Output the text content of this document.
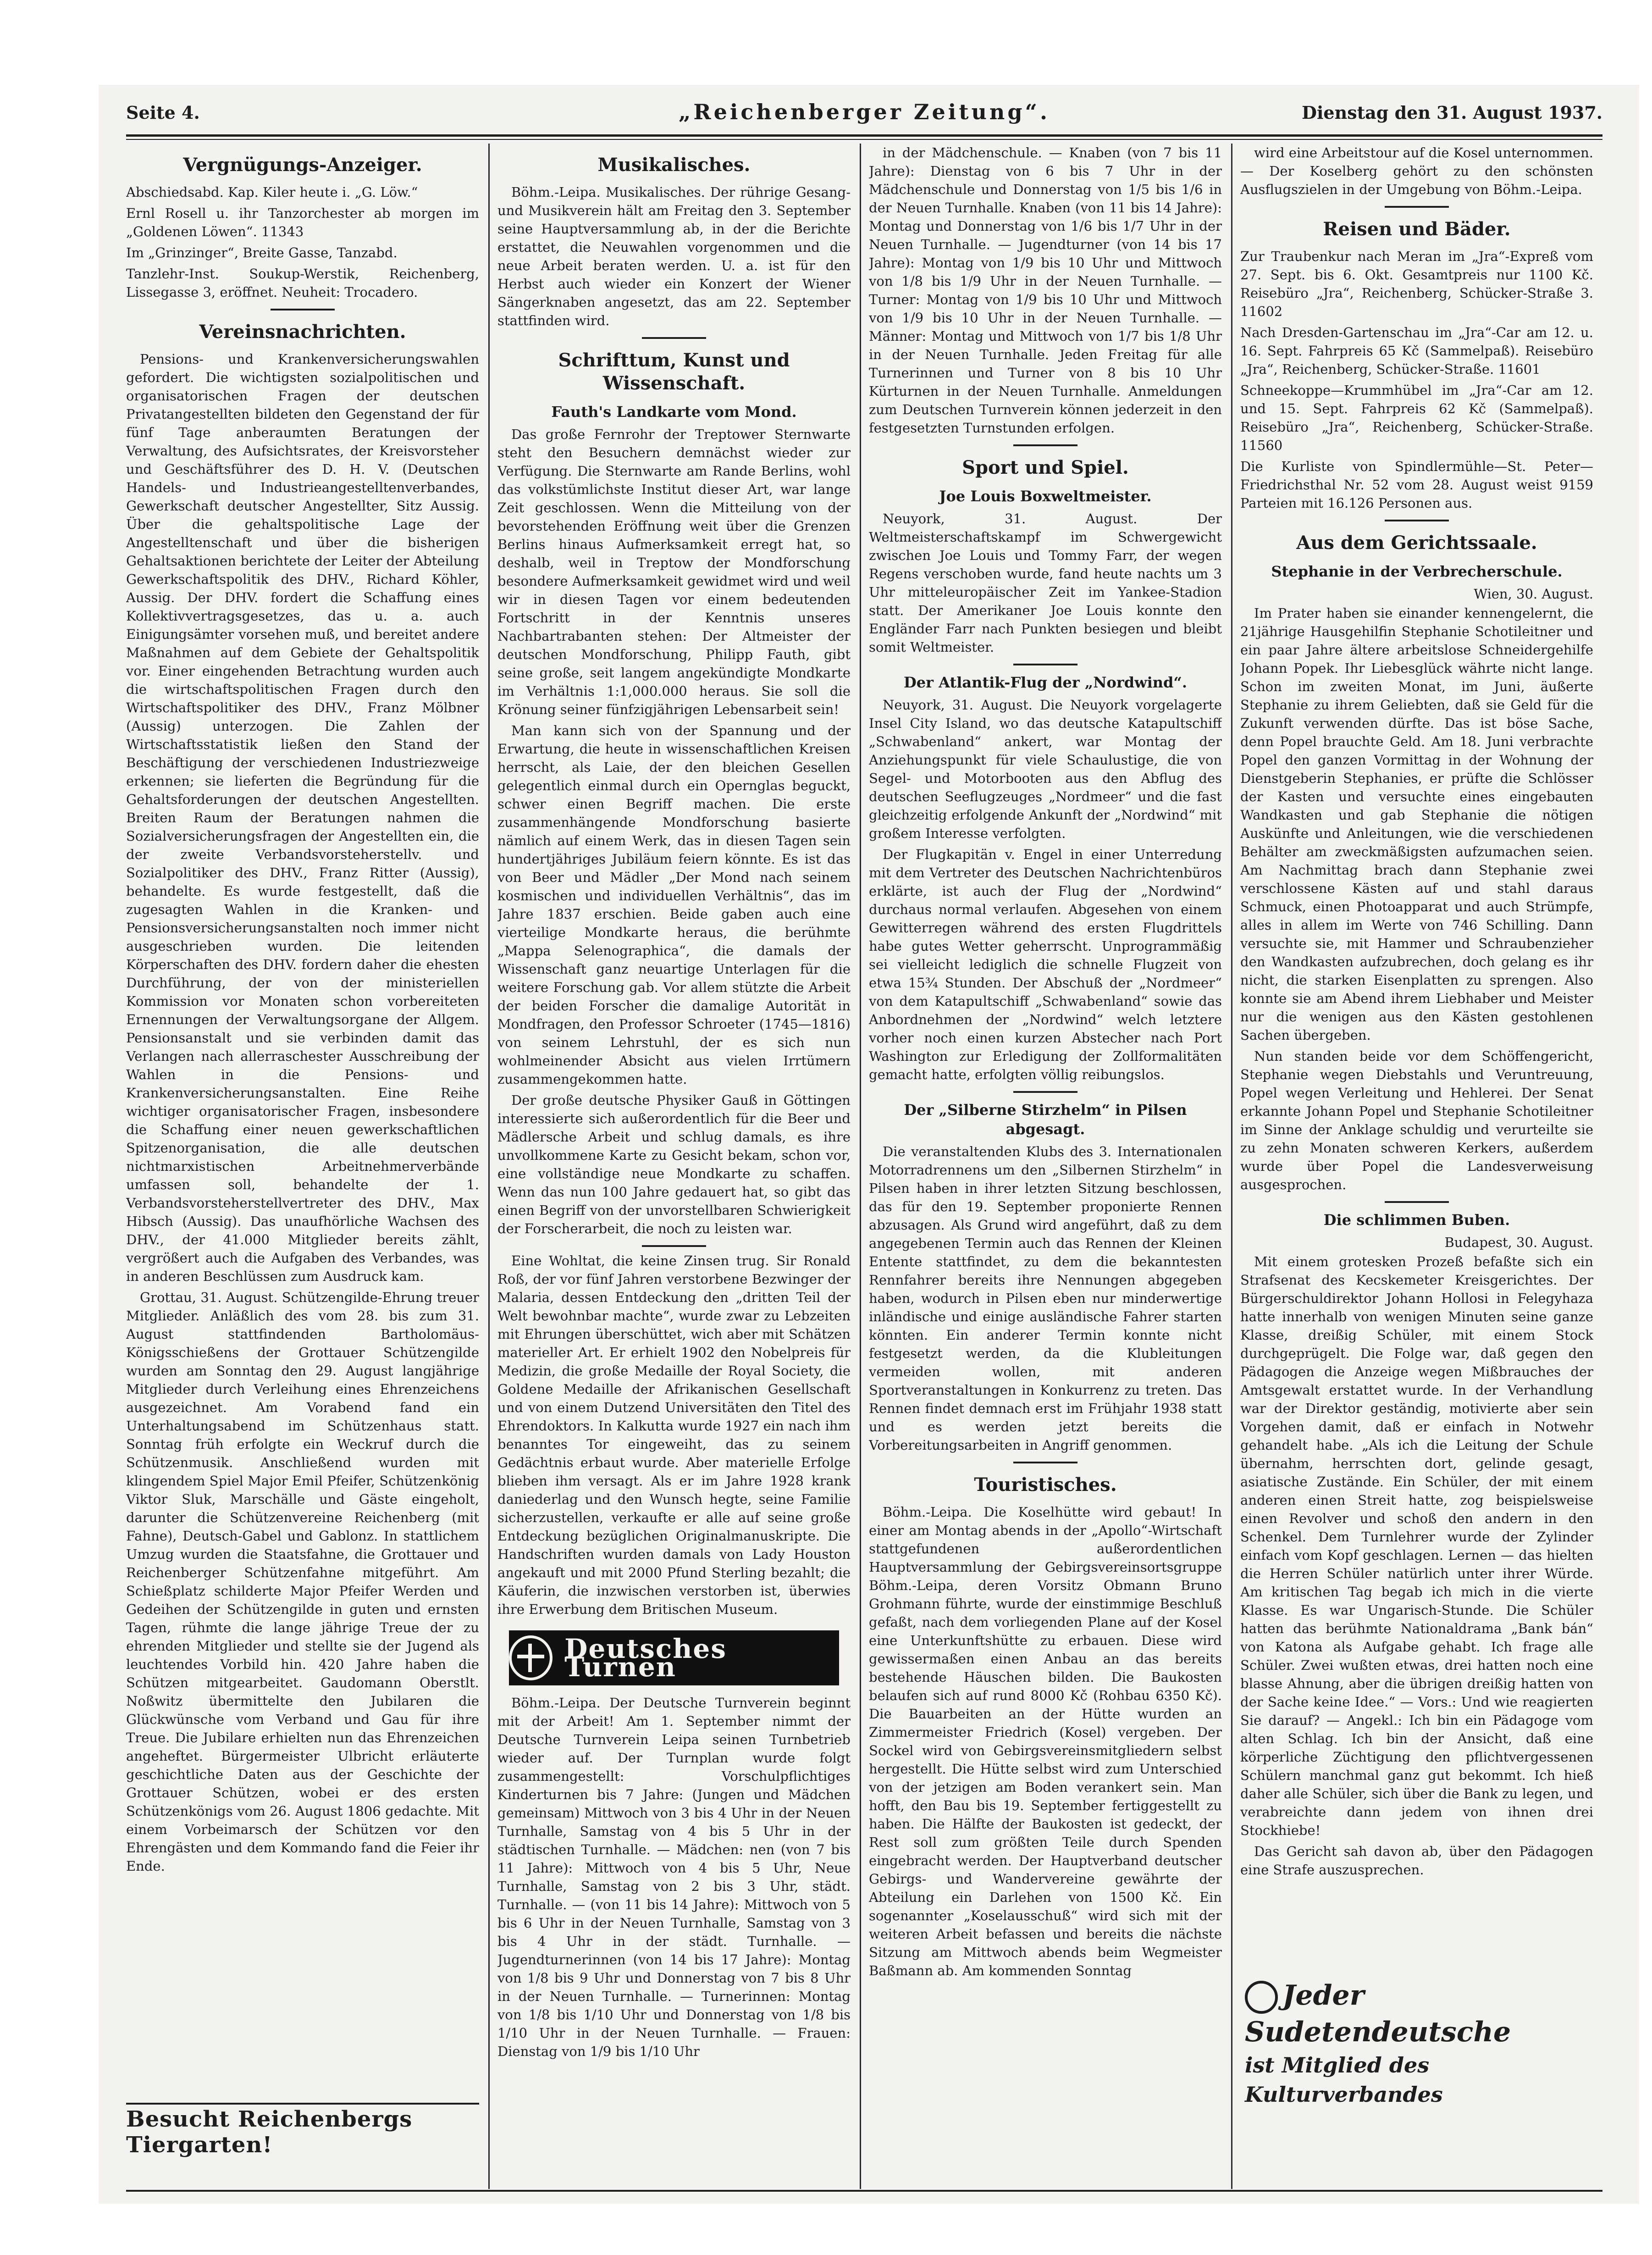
Seite 4.	„Reichenberger Zeitung“.	Dienstag den 31. August 1937.
Vergnügungs-Anzeiger.

Abschiedsabd. Kap. Kiler heute i. „G. Löw.“

Ernl Rosell u. ihr Tanzorchester ab morgen im „Goldenen Löwen“. 11343

Im „Grinzinger“, Breite Gasse, Tanzabd.

Tanzlehr-Inst. Soukup-Werstik, Reichenberg, Lissegasse 3, eröffnet. Neuheit: Trocadero.

Vereinsnachrichten.

Pensions- und Krankenversicherungswahlen gefordert. Die wichtigsten sozialpolitischen und organisatorischen Fragen der deutschen Privatangestellten bildeten den Gegenstand der für fünf Tage anberaumten Beratungen der Verwaltung, des Aufsichtsrates, der Kreisvorsteher und Geschäftsführer des D. H. V. (Deutschen Handels- und Industrieangestelltenverbandes, Gewerkschaft deutscher Angestellter, Sitz Aussig. Über die gehaltspolitische Lage der Angestelltenschaft und über die bisherigen Gehaltsaktionen berichtete der Leiter der Abteilung Gewerkschaftspolitik des DHV., Richard Köhler, Aussig. Der DHV. fordert die Schaffung eines Kollektivvertragsgesetzes, das u. a. auch Einigungsämter vorsehen muß, und bereitet andere Maßnahmen auf dem Gebiete der Gehaltspolitik vor. Einer eingehenden Betrachtung wurden auch die wirtschaftspolitischen Fragen durch den Wirtschaftspolitiker des DHV., Franz Mölbner (Aussig) unterzogen. Die Zahlen der Wirtschaftsstatistik ließen den Stand der Beschäftigung der verschiedenen Industriezweige erkennen; sie lieferten die Begründung für die Gehaltsforderungen der deutschen Angestellten. Breiten Raum der Beratungen nahmen die Sozialversicherungsfragen der Angestellten ein, die der zweite Verbandsvorsteherstellv. und Sozialpolitiker des DHV., Franz Ritter (Aussig), behandelte. Es wurde festgestellt, daß die zugesagten Wahlen in die Kranken- und Pensionsversicherungsanstalten noch immer nicht ausgeschrieben wurden. Die leitenden Körperschaften des DHV. fordern daher die ehesten Durchführung, der von der ministeriellen Kommission vor Monaten schon vorbereiteten Ernennungen der Verwaltungsorgane der Allgem. Pensionsanstalt und sie verbinden damit das Verlangen nach allerraschester Ausschreibung der Wahlen in die Pensions- und Krankenversicherungsanstalten. Eine Reihe wichtiger organisatorischer Fragen, insbesondere die Schaffung einer neuen gewerkschaftlichen Spitzenorganisation, die alle deutschen nichtmarxistischen Arbeitnehmerverbände umfassen soll, behandelte der 1. Verbandsvorsteherstellvertreter des DHV., Max Hibsch (Aussig). Das unaufhörliche Wachsen des DHV., der 41.000 Mitglieder bereits zählt, vergrößert auch die Aufgaben des Verbandes, was in anderen Beschlüssen zum Ausdruck kam.

Grottau, 31. August. Schützengilde-Ehrung treuer Mitglieder. Anläßlich des vom 28. bis zum 31. August stattfindenden Bartholomäus-Königsschießens der Grottauer Schützengilde wurden am Sonntag den 29. August langjährige Mitglieder durch Verleihung eines Ehrenzeichens ausgezeichnet. Am Vorabend fand ein Unterhaltungsabend im Schützenhaus statt. Sonntag früh erfolgte ein Weckruf durch die Schützenmusik. Anschließend wurden mit klingendem Spiel Major Emil Pfeifer, Schützenkönig Viktor Sluk, Marschälle und Gäste eingeholt, darunter die Schützenvereine Reichenberg (mit Fahne), Deutsch-Gabel und Gablonz. In stattlichem Umzug wurden die Staatsfahne, die Grottauer und Reichenberger Schützenfahne mitgeführt. Am Schießplatz schilderte Major Pfeifer Werden und Gedeihen der Schützengilde in guten und ernsten Tagen, rühmte die lange jährige Treue der zu ehrenden Mitglieder und stellte sie der Jugend als leuchtendes Vorbild hin. 420 Jahre haben die Schützen mitgearbeitet. Gaudomann Oberstlt. Noßwitz übermittelte den Jubilaren die Glückwünsche vom Verband und Gau für ihre Treue. Die Jubilare erhielten nun das Ehrenzeichen angeheftet. Bürgermeister Ulbricht erläuterte geschichtliche Daten aus der Geschichte der Grottauer Schützen, wobei er des ersten Schützenkönigs vom 26. August 1806 gedachte. Mit einem Vorbeimarsch der Schützen vor den Ehrengästen und dem Kommando fand die Feier ihr Ende.

Musikalisches.

Böhm.-Leipa. Musikalisches. Der rührige Gesang- und Musikverein hält am Freitag den 3. September seine Hauptversammlung ab, in der die Berichte erstattet, die Neuwahlen vorgenommen und die neue Arbeit beraten werden. U. a. ist für den Herbst auch wieder ein Konzert der Wiener Sängerknaben angesetzt, das am 22. September stattfinden wird.

Schrifttum, Kunst und Wissenschaft.
Fauth's Landkarte vom Mond.

Das große Fernrohr der Treptower Sternwarte steht den Besuchern demnächst wieder zur Verfügung. Die Sternwarte am Rande Berlins, wohl das volkstümlichste Institut dieser Art, war lange Zeit geschlossen. Wenn die Mitteilung von der bevorstehenden Eröffnung weit über die Grenzen Berlins hinaus Aufmerksamkeit erregt hat, so deshalb, weil in Treptow der Mondforschung besondere Aufmerksamkeit gewidmet wird und weil wir in diesen Tagen vor einem bedeutenden Fortschritt in der Kenntnis unseres Nachbartrabanten stehen: Der Altmeister der deutschen Mondforschung, Philipp Fauth, gibt seine große, seit langem angekündigte Mondkarte im Verhältnis 1:1,000.000 heraus. Sie soll die Krönung seiner fünfzigjährigen Lebensarbeit sein!

Man kann sich von der Spannung und der Erwartung, die heute in wissenschaftlichen Kreisen herrscht, als Laie, der den bleichen Gesellen gelegentlich einmal durch ein Opernglas beguckt, schwer einen Begriff machen. Die erste zusammenhängende Mondforschung basierte nämlich auf einem Werk, das in diesen Tagen sein hundertjähriges Jubiläum feiern könnte. Es ist das von Beer und Mädler „Der Mond nach seinem kosmischen und individuellen Verhältnis“, das im Jahre 1837 erschien. Beide gaben auch eine vierteilige Mondkarte heraus, die berühmte „Mappa Selenographica“, die damals der Wissenschaft ganz neuartige Unterlagen für die weitere Forschung gab. Vor allem stützte die Arbeit der beiden Forscher die damalige Autorität in Mondfragen, den Professor Schroeter (1745—1816) von seinem Lehrstuhl, der es sich nun wohlmeinender Absicht aus vielen Irrtümern zusammengekommen hatte.

Der große deutsche Physiker Gauß in Göttingen interessierte sich außerordentlich für die Beer und Mädlersche Arbeit und schlug damals, es ihre unvollkommene Karte zu Gesicht bekam, schon vor, eine vollständige neue Mondkarte zu schaffen. Wenn das nun 100 Jahre gedauert hat, so gibt das einen Begriff von der unvorstellbaren Schwierigkeit der Forscherarbeit, die noch zu leisten war.

Eine Wohltat, die keine Zinsen trug. Sir Ronald Roß, der vor fünf Jahren verstorbene Bezwinger der Malaria, dessen Entdeckung den „dritten Teil der Welt bewohnbar machte“, wurde zwar zu Lebzeiten mit Ehrungen überschüttet, wich aber mit Schätzen materieller Art. Er erhielt 1902 den Nobelpreis für Medizin, die große Medaille der Royal Society, die Goldene Medaille der Afrikanischen Gesellschaft und von einem Dutzend Universitäten den Titel des Ehrendoktors. In Kalkutta wurde 1927 ein nach ihm benanntes Tor eingeweiht, das zu seinem Gedächtnis erbaut wurde. Aber materielle Erfolge blieben ihm versagt. Als er im Jahre 1928 krank daniederlag und den Wunsch hegte, seine Familie sicherzustellen, verkaufte er alle auf seine große Entdeckung bezüglichen Originalmanuskripte. Die Handschriften wurden damals von Lady Houston angekauft und mit 2000 Pfund Sterling bezahlt; die Käuferin, die inzwischen verstorben ist, überwies ihre Erwerbung dem Britischen Museum.

Deutsches Turnen

Böhm.-Leipa. Der Deutsche Turnverein beginnt mit der Arbeit! Am 1. September nimmt der Deutsche Turnverein Leipa seinen Turnbetrieb wieder auf. Der Turnplan wurde folgt zusammengestellt: Vorschulpflichtiges Kinderturnen bis 7 Jahre: (Jungen und Mädchen gemeinsam) Mittwoch von 3 bis 4 Uhr in der Neuen Turnhalle, Samstag von 4 bis 5 Uhr in der städtischen Turnhalle. — Mädchen: nen (von 7 bis 11 Jahre): Mittwoch von 4 bis 5 Uhr, Neue Turnhalle, Samstag von 2 bis 3 Uhr, städt. Turnhalle. — (von 11 bis 14 Jahre): Mittwoch von 5 bis 6 Uhr in der Neuen Turnhalle, Samstag von 3 bis 4 Uhr in der städt. Turnhalle. — Jugendturnerinnen (von 14 bis 17 Jahre): Montag von 1/8 bis 9 Uhr und Donnerstag von 7 bis 8 Uhr in der Neuen Turnhalle. — Turnerinnen: Montag von 1/8 bis 1/10 Uhr und Donnerstag von 1/8 bis 1/10 Uhr in der Neuen Turnhalle. — Frauen: Dienstag von 1/9 bis 1/10 Uhr

in der Mädchenschule. — Knaben (von 7 bis 11 Jahre): Dienstag von 6 bis 7 Uhr in der Mädchenschule und Donnerstag von 1/5 bis 1/6 in der Neuen Turnhalle. Knaben (von 11 bis 14 Jahre): Montag und Donnerstag von 1/6 bis 1/7 Uhr in der Neuen Turnhalle. — Jugendturner (von 14 bis 17 Jahre): Montag von 1/9 bis 10 Uhr und Mittwoch von 1/8 bis 1/9 Uhr in der Neuen Turnhalle. — Turner: Montag von 1/9 bis 10 Uhr und Mittwoch von 1/9 bis 10 Uhr in der Neuen Turnhalle. — Männer: Montag und Mittwoch von 1/7 bis 1/8 Uhr in der Neuen Turnhalle. Jeden Freitag für alle Turnerinnen und Turner von 8 bis 10 Uhr Kürturnen in der Neuen Turnhalle. Anmeldungen zum Deutschen Turnverein können jederzeit in den festgesetzten Turnstunden erfolgen.

Sport und Spiel.
Joe Louis Boxweltmeister.

Neuyork, 31. August. Der Weltmeisterschaftskampf im Schwergewicht zwischen Joe Louis und Tommy Farr, der wegen Regens verschoben wurde, fand heute nachts um 3 Uhr mitteleuropäischer Zeit im Yankee-Stadion statt. Der Amerikaner Joe Louis konnte den Engländer Farr nach Punkten besiegen und bleibt somit Weltmeister.

Der Atlantik-Flug der „Nordwind“.

Neuyork, 31. August. Die Neuyork vorgelagerte Insel City Island, wo das deutsche Katapultschiff „Schwabenland“ ankert, war Montag der Anziehungspunkt für viele Schaulustige, die von Segel- und Motorbooten aus den Abflug des deutschen Seeflugzeuges „Nordmeer“ und die fast gleichzeitig erfolgende Ankunft der „Nordwind“ mit großem Interesse verfolgten.

Der Flugkapitän v. Engel in einer Unterredung mit dem Vertreter des Deutschen Nachrichtenbüros erklärte, ist auch der Flug der „Nordwind“ durchaus normal verlaufen. Abgesehen von einem Gewitterregen während des ersten Flugdrittels habe gutes Wetter geherrscht. Unprogrammäßig sei vielleicht lediglich die schnelle Flugzeit von etwa 15¾ Stunden. Der Abschuß der „Nordmeer“ von dem Katapultschiff „Schwabenland“ sowie das Anbordnehmen der „Nordwind“ welch letztere vorher noch einen kurzen Abstecher nach Port Washington zur Erledigung der Zollformalitäten gemacht hatte, erfolgten völlig reibungslos.

Der „Silberne Stirzhelm“ in Pilsen abgesagt.

Die veranstaltenden Klubs des 3. Internationalen Motorradrennens um den „Silbernen Stirzhelm“ in Pilsen haben in ihrer letzten Sitzung beschlossen, das für den 19. September proponierte Rennen abzusagen. Als Grund wird angeführt, daß zu dem angegebenen Termin auch das Rennen der Kleinen Entente stattfindet, zu dem die bekanntesten Rennfahrer bereits ihre Nennungen abgegeben haben, wodurch in Pilsen eben nur minderwertige inländische und einige ausländische Fahrer starten könnten. Ein anderer Termin konnte nicht festgesetzt werden, da die Klubleitungen vermeiden wollen, mit anderen Sportveranstaltungen in Konkurrenz zu treten. Das Rennen findet demnach erst im Frühjahr 1938 statt und es werden jetzt bereits die Vorbereitungsarbeiten in Angriff genommen.

Touristisches.

Böhm.-Leipa. Die Koselhütte wird gebaut! In einer am Montag abends in der „Apollo“-Wirtschaft stattgefundenen außerordentlichen Hauptversammlung der Gebirgsvereinsortsgruppe Böhm.-Leipa, deren Vorsitz Obmann Bruno Grohmann führte, wurde der einstimmige Beschluß gefaßt, nach dem vorliegenden Plane auf der Kosel eine Unterkunftshütte zu erbauen. Diese wird gewissermaßen einen Anbau an das bereits bestehende Häuschen bilden. Die Baukosten belaufen sich auf rund 8000 Kč (Rohbau 6350 Kč). Die Bauarbeiten an der Hütte wurden an Zimmermeister Friedrich (Kosel) vergeben. Der Sockel wird von Gebirgsvereinsmitgliedern selbst hergestellt. Die Hütte selbst wird zum Unterschied von der jetzigen am Boden verankert sein. Man hofft, den Bau bis 19. September fertiggestellt zu haben. Die Hälfte der Baukosten ist gedeckt, der Rest soll zum größten Teile durch Spenden eingebracht werden. Der Hauptverband deutscher Gebirgs- und Wandervereine gewährte der Abteilung ein Darlehen von 1500 Kč. Ein sogenannter „Koselausschuß“ wird sich mit der weiteren Arbeit befassen und bereits die nächste Sitzung am Mittwoch abends beim Wegmeister Baßmann ab. Am kommenden Sonntag

wird eine Arbeitstour auf die Kosel unternommen. — Der Koselberg gehört zu den schönsten Ausflugszielen in der Umgebung von Böhm.-Leipa.

Reisen und Bäder.

Zur Traubenkur nach Meran im „Jra“-Expreß vom 27. Sept. bis 6. Okt. Gesamtpreis nur 1100 Kč. Reisebüro „Jra“, Reichenberg, Schücker-Straße 3. 11602

Nach Dresden-Gartenschau im „Jra“-Car am 12. u. 16. Sept. Fahrpreis 65 Kč (Sammelpaß). Reisebüro „Jra“, Reichenberg, Schücker-Straße. 11601

Schneekoppe—Krummhübel im „Jra“-Car am 12. und 15. Sept. Fahrpreis 62 Kč (Sammelpaß). Reisebüro „Jra“, Reichenberg, Schücker-Straße. 11560

Die Kurliste von Spindlermühle—St. Peter—Friedrichsthal Nr. 52 vom 28. August weist 9159 Parteien mit 16.126 Personen aus.

Aus dem Gerichtssaale.
Stephanie in der Verbrecherschule.

Wien, 30. August.

Im Prater haben sie einander kennengelernt, die 21jährige Hausgehilfin Stephanie Schotileitner und ein paar Jahre ältere arbeitslose Schneidergehilfe Johann Popek. Ihr Liebesglück währte nicht lange. Schon im zweiten Monat, im Juni, äußerte Stephanie zu ihrem Geliebten, daß sie Geld für die Zukunft verwenden dürfte. Das ist böse Sache, denn Popel brauchte Geld. Am 18. Juni verbrachte Popel den ganzen Vormittag in der Wohnung der Dienstgeberin Stephanies, er prüfte die Schlösser der Kasten und versuchte eines eingebauten Wandkasten und gab Stephanie die nötigen Auskünfte und Anleitungen, wie die verschiedenen Behälter am zweckmäßigsten aufzumachen seien. Am Nachmittag brach dann Stephanie zwei verschlossene Kästen auf und stahl daraus Schmuck, einen Photoapparat und auch Strümpfe, alles in allem im Werte von 746 Schilling. Dann versuchte sie, mit Hammer und Schraubenzieher den Wandkasten aufzubrechen, doch gelang es ihr nicht, die starken Eisenplatten zu sprengen. Also konnte sie am Abend ihrem Liebhaber und Meister nur die wenigen aus den Kästen gestohlenen Sachen übergeben.

Nun standen beide vor dem Schöffengericht, Stephanie wegen Diebstahls und Veruntreuung, Popel wegen Verleitung und Hehlerei. Der Senat erkannte Johann Popel und Stephanie Schotileitner im Sinne der Anklage schuldig und verurteilte sie zu zehn Monaten schweren Kerkers, außerdem wurde über Popel die Landesverweisung ausgesprochen.

Die schlimmen Buben.

Budapest, 30. August.

Mit einem grotesken Prozeß befaßte sich ein Strafsenat des Kecskemeter Kreisgerichtes. Der Bürgerschuldirektor Johann Hollosi in Felegyhaza hatte innerhalb von wenigen Minuten seine ganze Klasse, dreißig Schüler, mit einem Stock durchgeprügelt. Die Folge war, daß gegen den Pädagogen die Anzeige wegen Mißbrauches der Amtsgewalt erstattet wurde. In der Verhandlung war der Direktor geständig, motivierte aber sein Vorgehen damit, daß er einfach in Notwehr gehandelt habe. „Als ich die Leitung der Schule übernahm, herrschten dort, gelinde gesagt, asiatische Zustände. Ein Schüler, der mit einem anderen einen Streit hatte, zog beispielsweise einen Revolver und schoß den andern in den Schenkel. Dem Turnlehrer wurde der Zylinder einfach vom Kopf geschlagen. Lernen — das hielten die Herren Schüler natürlich unter ihrer Würde. Am kritischen Tag begab ich mich in die vierte Klasse. Es war Ungarisch-Stunde. Die Schüler hatten das berühmte Nationaldrama „Bank bán“ von Katona als Aufgabe gehabt. Ich frage alle Schüler. Zwei wußten etwas, drei hatten noch eine blasse Ahnung, aber die übrigen dreißig hatten von der Sache keine Idee.“ — Vors.: Und wie reagierten Sie darauf? — Angekl.: Ich bin ein Pädagoge vom alten Schlag. Ich bin der Ansicht, daß eine körperliche Züchtigung den pflichtvergessenen Schülern manchmal ganz gut bekommt. Ich hieß daher alle Schüler, sich über die Bank zu legen, und verabreichte dann jedem von ihnen drei Stockhiebe!

Das Gericht sah davon ab, über den Pädagogen eine Strafe auszusprechen.

Besucht Reichenbergs Tiergarten!
Jeder Sudetendeutsche
ist Mitglied des Kulturverbandes
